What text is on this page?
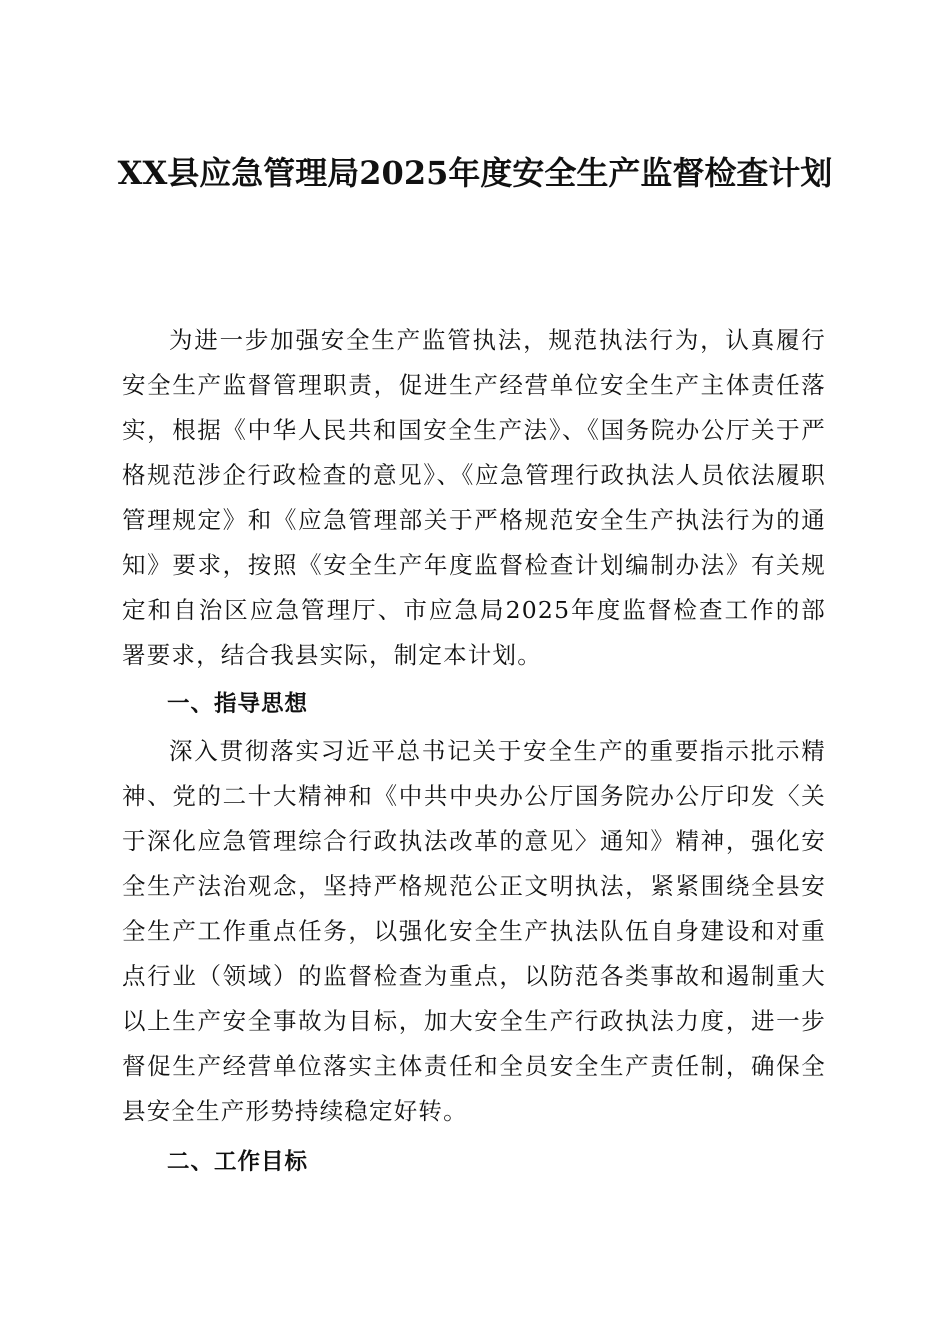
XX县应急管理局2025年度安全生产监督检查计划

为进一步加强安全生产监管执法，规范执法行为，认真履行安全生产监督管理职责，促进生产经营单位安全生产主体责任落实，根据《中华人民共和国安全生产法》、《国务院办公厅关于严格规范涉企行政检查的意见》、《应急管理行政执法人员依法履职管理规定》和《应急管理部关于严格规范安全生产执法行为的通知》要求，按照《安全生产年度监督检查计划编制办法》有关规定和自治区应急管理厅、市应急局2025年度监督检查工作的部署要求，结合我县实际，制定本计划。

一、指导思想

深入贯彻落实习近平总书记关于安全生产的重要指示批示精神、党的二十大精神和《中共中央办公厅国务院办公厅印发〈关于深化应急管理综合行政执法改革的意见〉通知》精神，强化安全生产法治观念，坚持严格规范公正文明执法，紧紧围绕全县安全生产工作重点任务，以强化安全生产执法队伍自身建设和对重点行业（领域）的监督检查为重点，以防范各类事故和遏制重大以上生产安全事故为目标，加大安全生产行政执法力度，进一步督促生产经营单位落实主体责任和全员安全生产责任制，确保全县安全生产形势持续稳定好转。

二、工作目标
